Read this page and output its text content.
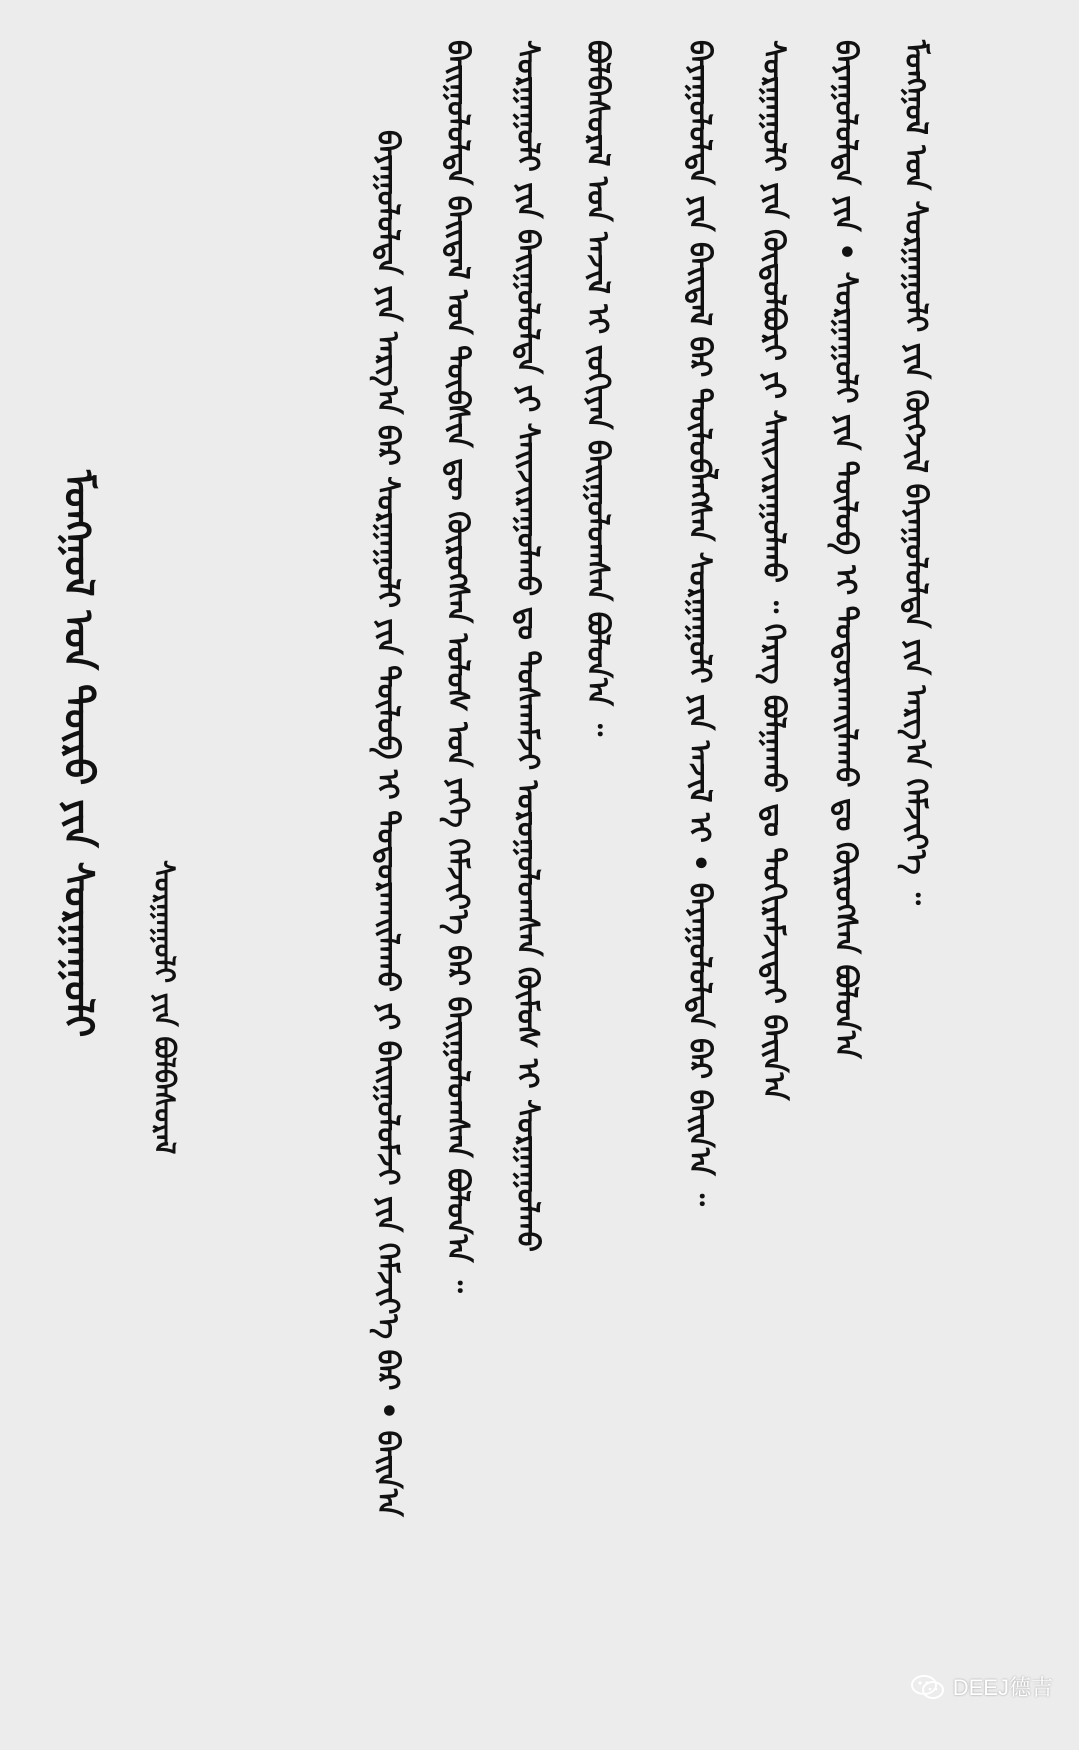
ᠮᠣᠩᠭᠣᠯ ᠤᠨ ᠲᠥᠷᠥ ᠶᠢᠨ ᠰᠤᠷᠭᠠᠭᠤᠯᠢ ᠰᠤᠷᠭᠠᠭᠤᠯᠢ ᠶᠢᠨ ᠪᠣᠯᠪᠠᠰᠤᠷᠠᠯ	ᠪᠠᠶᠠᠭᠤᠯᠤᠯᠲᠠ ᠶᠢᠨ ᠠᠷᠭ᠎ᠠ ᠪᠠᠷ ᠰᠤᠷᠭᠠᠭᠤᠯᠢ ᠶᠢᠨ ᠲᠥᠯᠥᠪ ᠢ ᠲᠣᠳᠣᠷᠬᠠᠢᠯᠠᠬᠤ ᠶᠢ ᠪᠠᠢᠭᠤᠯᠤᠮᠵᠢ ᠶᠢᠨ ᠬᠡᠮᠵᠢᠶ᠎ᠡ ᠪᠠᠷ • ᠪᠠᠢᠨ᠎ᠠ ᠪᠠᠢᠭᠤᠯᠤᠯᠲᠠ ᠪᠠᠢᠳᠠᠯ ᠤᠨ ᠲᠦᠪᠰᠢᠨ ᠳᠦ ᠬᠦᠷᠦᠭᠰᠡᠨ ᠤᠯᠤᠰ ᠤᠨ ᠶᠡᠬᠡ ᠬᠡᠮᠵᠢᠶ᠎ᠡ ᠪᠠᠷ ᠪᠠᠢᠭᠤᠯᠤᠭᠰᠠᠨ ᠪᠣᠯᠤᠨ᠎ᠠ ᠃ ᠰᠤᠷᠭᠠᠭᠤᠯᠢ ᠶᠢᠨ ᠪᠠᠢᠭᠤᠯᠤᠯᠲᠠ ᠶᠢ ᠰᠠᠢᠵᠢᠷᠠᠭᠤᠯᠬᠤ ᠳᠤ ᠳᠤᠰᠬᠠᠮᠵᠢ ᠣᠷᠣᠭᠤᠯᠤᠭᠰᠠᠨ ᠬᠦᠮᠦᠰ ᠢ ᠰᠤᠷᠭᠠᠭᠤᠯᠬᠤ ᠪᠣᠯᠪᠠᠰᠤᠷᠠᠯ ᠤᠨ ᠠᠵᠢᠯ ᠢ ᠵᠣᠬᠢᠶᠠᠨ ᠪᠠᠢᠭᠤᠯᠤᠭᠰᠠᠨ ᠪᠣᠯᠤᠨ᠎ᠠ ᠃ ᠪᠠᠶᠠᠭᠤᠯᠤᠯᠲᠠ ᠶᠢᠨ ᠪᠠᠢᠳᠠᠯ ᠪᠠᠷ ᠲᠥᠯᠥᠪᠯᠡᠭᠰᠡᠨ ᠰᠤᠷᠭᠠᠭᠤᠯᠢ ᠶᠢᠨ ᠠᠵᠢᠯ ᠢ • ᠪᠠᠶᠠᠭᠤᠯᠤᠯᠲᠠ ᠪᠠᠷ ᠪᠠᠢᠨ᠎ᠠ ᠃ ᠰᠤᠷᠭᠠᠭᠤᠯᠢ ᠶᠢᠨ ᠬᠥᠲᠥᠯᠪᠦᠷᠢ ᠶᠢ ᠰᠠᠢᠵᠢᠷᠠᠭᠤᠯᠬᠤ ᠃ ᠬᠡᠷᠡᠭ ᠪᠣᠯᠭᠠᠬᠤ ᠳᠤ ᠲᠣᠬᠢᠷᠠᠮᠵᠢᠲᠠᠢ ᠪᠠᠢᠨ᠎ᠠ ᠪᠠᠶᠠᠭᠤᠯᠤᠯᠲᠠ ᠶᠢᠨ • ᠰᠤᠷᠭᠠᠭᠤᠯᠢ ᠶᠢᠨ ᠲᠥᠯᠥᠪ ᠢ ᠲᠣᠳᠣᠷᠬᠠᠢᠯᠠᠬᠤ ᠳᠤ ᠬᠦᠷᠦᠭᠰᠡᠨ ᠪᠣᠯᠤᠨ᠎ᠠ ᠮᠣᠩᠭᠣᠯ ᠤᠨ ᠰᠤᠷᠭᠠᠭᠤᠯᠢ ᠶᠢᠨ ᠬᠥᠭᠵᠢᠯ ᠪᠠᠶᠠᠭᠤᠯᠤᠯᠲᠠ ᠶᠢᠨ ᠠᠷᠭ᠎ᠠ ᠬᠡᠮᠵᠢᠶ᠎ᠡ ᠃
DEEJ德吉
